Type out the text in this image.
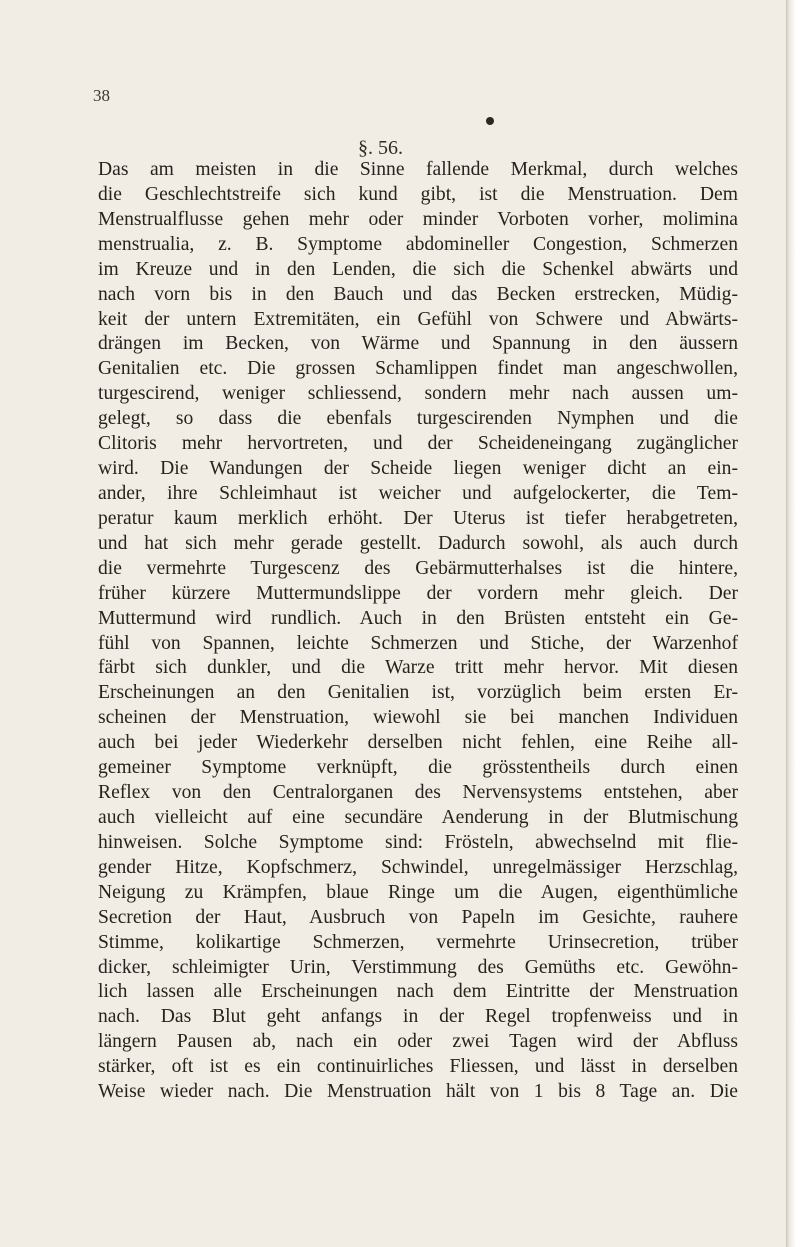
38
§. 56.
Das am meisten in die Sinne fallende Merkmal, durch welches
die Geschlechtstreife sich kund gibt, ist die Menstruation. Dem
Menstrualflusse gehen mehr oder minder Vorboten vorher, molimina
menstrualia, z. B. Symptome abdomineller Congestion, Schmerzen
im Kreuze und in den Lenden, die sich die Schenkel abwärts und
nach vorn bis in den Bauch und das Becken erstrecken, Müdig-
keit der untern Extremitäten, ein Gefühl von Schwere und Abwärts-
drängen im Becken, von Wärme und Spannung in den äussern
Genitalien etc. Die grossen Schamlippen findet man angeschwollen,
turgescirend, weniger schliessend, sondern mehr nach aussen um-
gelegt, so dass die ebenfals turgescirenden Nymphen und die
Clitoris mehr hervortreten, und der Scheideneingang zugänglicher
wird. Die Wandungen der Scheide liegen weniger dicht an ein-
ander, ihre Schleimhaut ist weicher und aufgelockerter, die Tem-
peratur kaum merklich erhöht. Der Uterus ist tiefer herabgetreten,
und hat sich mehr gerade gestellt. Dadurch sowohl, als auch durch
die vermehrte Turgescenz des Gebärmutterhalses ist die hintere,
früher kürzere Muttermundslippe der vordern mehr gleich. Der
Muttermund wird rundlich. Auch in den Brüsten entsteht ein Ge-
fühl von Spannen, leichte Schmerzen und Stiche, der Warzenhof
färbt sich dunkler, und die Warze tritt mehr hervor. Mit diesen
Erscheinungen an den Genitalien ist, vorzüglich beim ersten Er-
scheinen der Menstruation, wiewohl sie bei manchen Individuen
auch bei jeder Wiederkehr derselben nicht fehlen, eine Reihe all-
gemeiner Symptome verknüpft, die grösstentheils durch einen
Reflex von den Centralorganen des Nervensystems entstehen, aber
auch vielleicht auf eine secundäre Aenderung in der Blutmischung
hinweisen. Solche Symptome sind: Frösteln, abwechselnd mit flie-
gender Hitze, Kopfschmerz, Schwindel, unregelmässiger Herzschlag,
Neigung zu Krämpfen, blaue Ringe um die Augen, eigenthümliche
Secretion der Haut, Ausbruch von Papeln im Gesichte, rauhere
Stimme, kolikartige Schmerzen, vermehrte Urinsecretion, trüber
dicker, schleimigter Urin, Verstimmung des Gemüths etc. Gewöhn-
lich lassen alle Erscheinungen nach dem Eintritte der Menstruation
nach. Das Blut geht anfangs in der Regel tropfenweiss und in
längern Pausen ab, nach ein oder zwei Tagen wird der Abfluss
stärker, oft ist es ein continuirliches Fliessen, und lässt in derselben
Weise wieder nach. Die Menstruation hält von 1 bis 8 Tage an. Die
